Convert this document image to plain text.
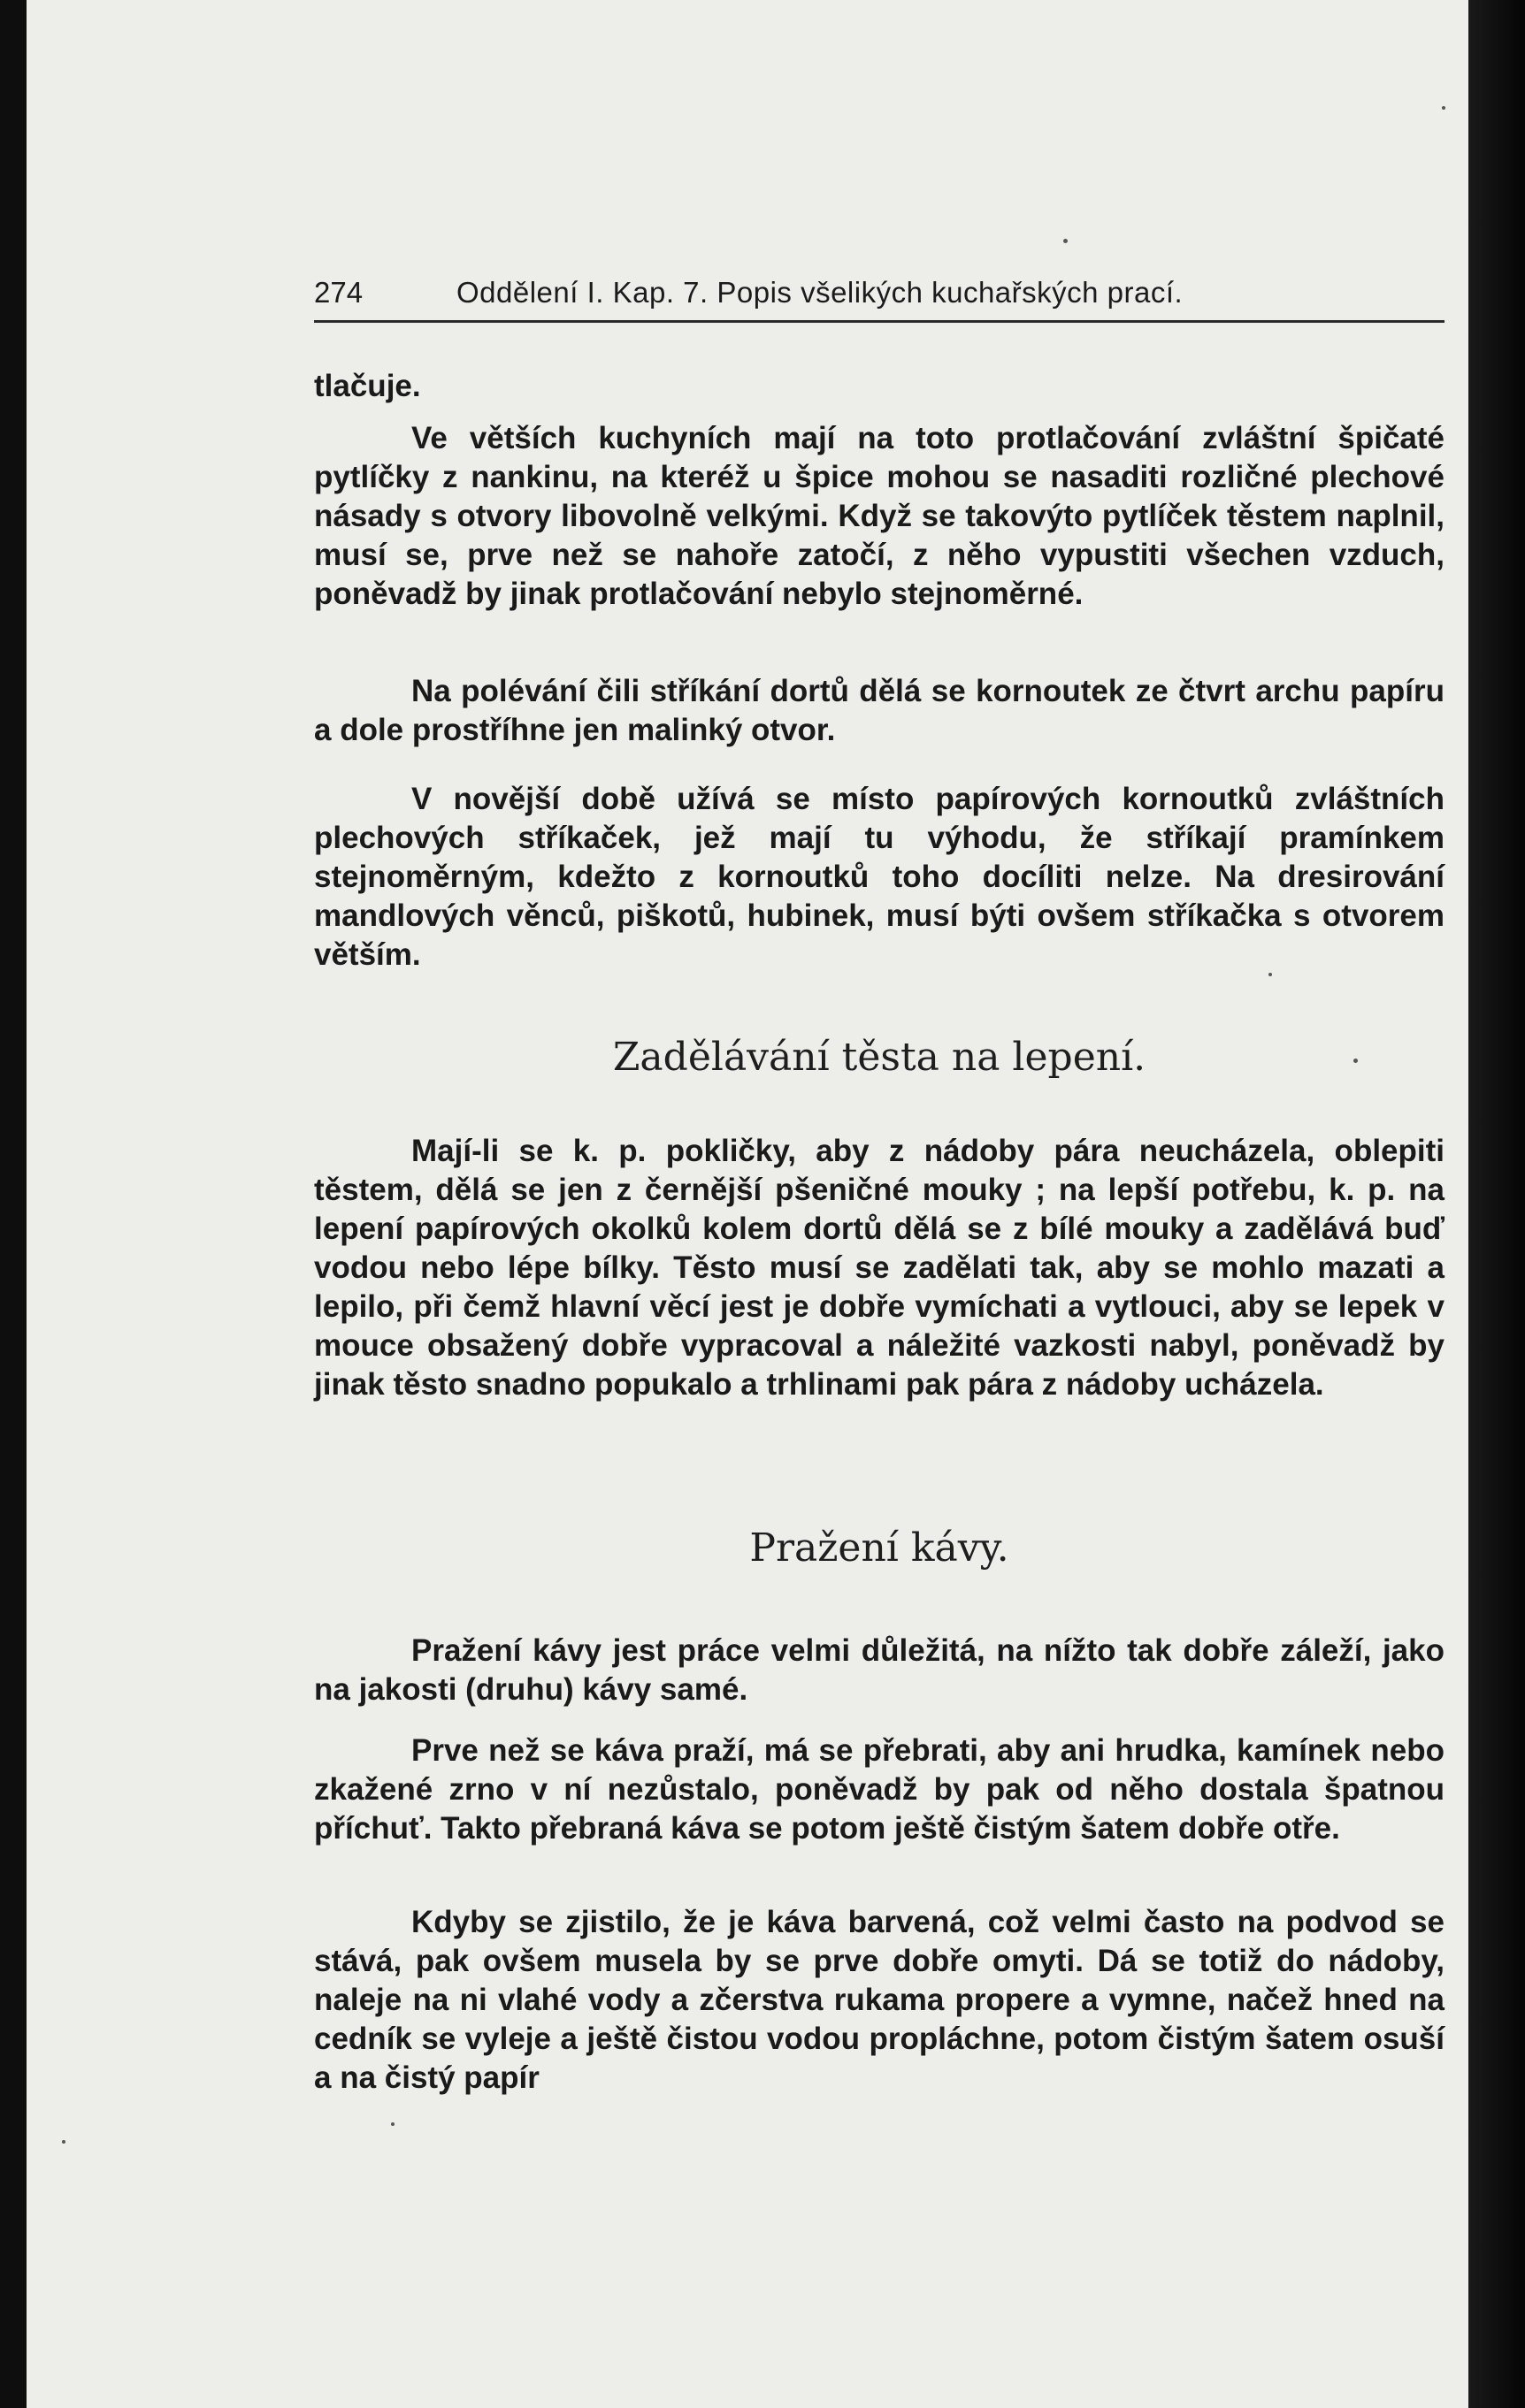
274	Oddělení I. Kap. 7. Popis všelikých kuchařských prací.

tlačuje.

Ve větších kuchyních mají na toto protlačování zvláštní špičaté pytlíčky z nankinu, na kteréž u špice mohou se nasaditi rozličné plechové násady s otvory libovolně velkými. Když se takovýto pytlíček těstem naplnil, musí se, prve než se nahoře zatočí, z něho vypustiti všechen vzduch, poněvadž by jinak protlačování nebylo stejnoměrné.

Na polévání čili stříkání dortů dělá se kornoutek ze čtvrt archu papíru a dole prostříhne jen malinký otvor.

V novější době užívá se místo papírových kornoutků zvláštních plechových stříkaček, jež mají tu výhodu, že stříkají pramínkem stejnoměrným, kdežto z kornoutků toho docíliti nelze. Na dresirování mandlových věnců, piškotů, hubinek, musí býti ovšem stříkačka s otvorem větším.

Zadělávání těsta na lepení.

Mají-li se k. p. pokličky, aby z nádoby pára neucházela, oblepiti těstem, dělá se jen z černější pšeničné mouky ; na lepší potřebu, k. p. na lepení papírových okolků kolem dortů dělá se z bílé mouky a zadělává buď vodou nebo lépe bílky. Těsto musí se zadělati tak, aby se mohlo mazati a lepilo, při čemž hlavní věcí jest je dobře vymíchati a vytlouci, aby se lepek v mouce obsažený dobře vypracoval a náležité vazkosti nabyl, poněvadž by jinak těsto snadno popukalo a trhlinami pak pára z nádoby ucházela.

Pražení kávy.

Pražení kávy jest práce velmi důležitá, na nížto tak dobře záleží, jako na jakosti (druhu) kávy samé.

Prve než se káva praží, má se přebrati, aby ani hrudka, kamínek nebo zkažené zrno v ní nezůstalo, poněvadž by pak od něho dostala špatnou příchuť. Takto přebraná káva se potom ještě čistým šatem dobře otře.

Kdyby se zjistilo, že je káva barvená, což velmi často na podvod se stává, pak ovšem musela by se prve dobře omyti. Dá se totiž do nádoby, naleje na ni vlahé vody a zčerstva rukama propere a vymne, načež hned na cedník se vyleje a ještě čistou vodou propláchne, potom čistým šatem osuší a na čistý papír
